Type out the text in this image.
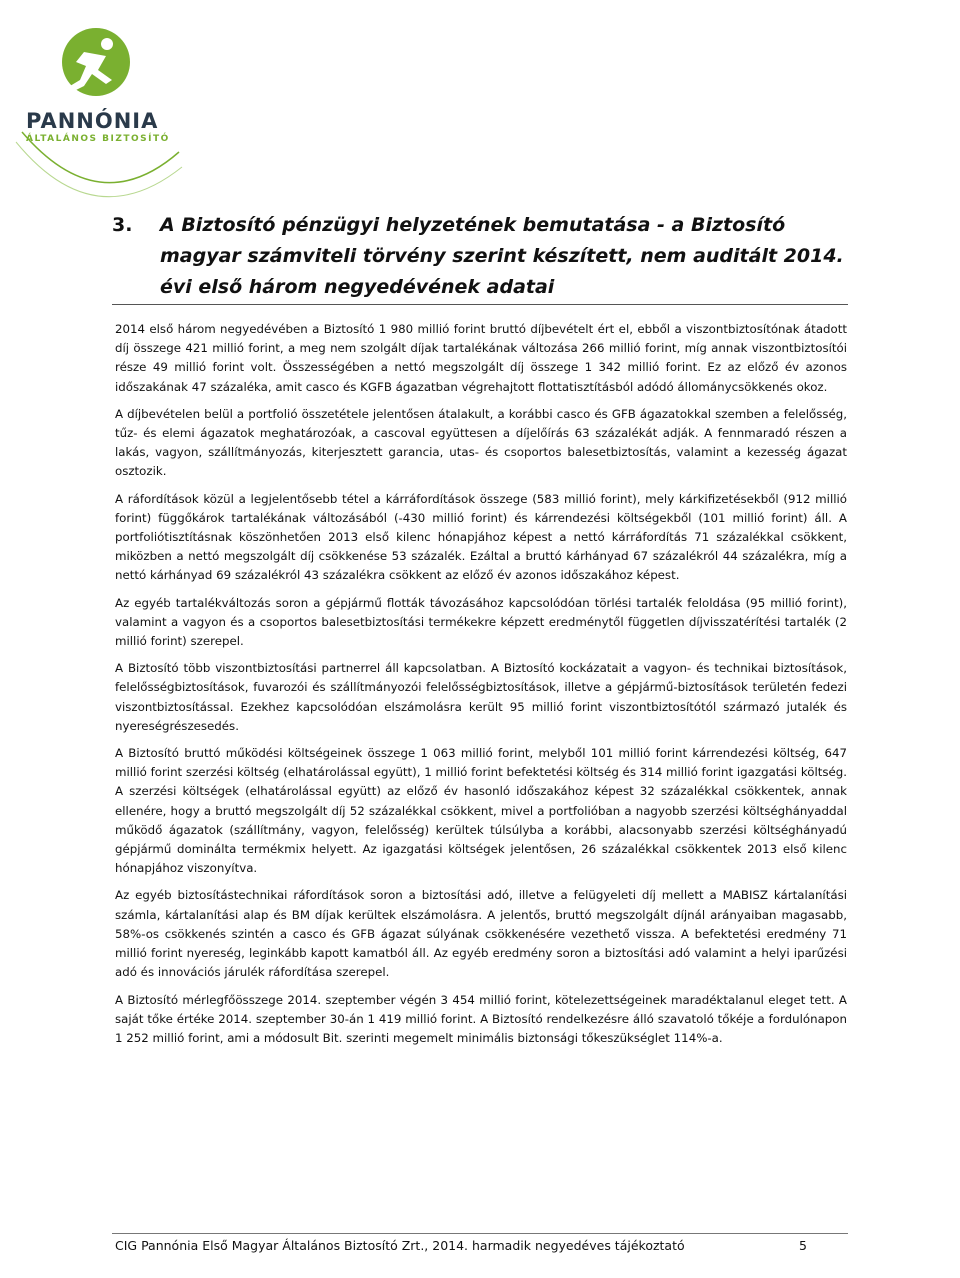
PANNÓNIA
ÁLTALÁNOS BIZTOSÍTÓ
3. A Biztosító pénzügyi helyzetének bemutatása - a Biztosító magyar számviteli törvény szerint készített, nem auditált 2014. évi első három negyedévének adatai

2014 első három negyedévében a Biztosító 1 980 millió forint bruttó díjbevételt ért el, ebből a viszontbiztosítónak átadott díj összege 421 millió forint, a meg nem szolgált díjak tartalékának változása 266 millió forint, míg annak viszontbiztosítói része 49 millió forint volt. Összességében a nettó megszolgált díj összege 1 342 millió forint. Ez az előző év azonos időszakának 47 százaléka, amit casco és KGFB ágazatban végrehajtott flottatisztításból adódó állománycsökkenés okoz.

A díjbevételen belül a portfolió összetétele jelentősen átalakult, a korábbi casco és GFB ágazatokkal szemben a felelősség, tűz- és elemi ágazatok meghatározóak, a cascoval együttesen a díjelőírás 63 százalékát adják. A fennmaradó részen a lakás, vagyon, szállítmányozás, kiterjesztett garancia, utas- és csoportos balesetbiztosítás, valamint a kezesség ágazat osztozik.

A ráfordítások közül a legjelentősebb tétel a kárráfordítások összege (583 millió forint), mely kárkifizetésekből (912 millió forint) függőkárok tartalékának változásából (-430 millió forint) és kárrendezési költségekből (101 millió forint) áll. A portfoliótisztításnak köszönhetően 2013 első kilenc hónapjához képest a nettó kárráfordítás 71 százalékkal csökkent, miközben a nettó megszolgált díj csökkenése 53 százalék. Ezáltal a bruttó kárhányad 67 százalékról 44 százalékra, míg a nettó kárhányad 69 százalékról 43 százalékra csökkent az előző év azonos időszakához képest.

Az egyéb tartalékváltozás soron a gépjármű flották távozásához kapcsolódóan törlési tartalék feloldása (95 millió forint), valamint a vagyon és a csoportos balesetbiztosítási termékekre képzett eredménytől független díjvisszatérítési tartalék (2 millió forint) szerepel.

A Biztosító több viszontbiztosítási partnerrel áll kapcsolatban. A Biztosító kockázatait a vagyon- és technikai biztosítások, felelősségbiztosítások, fuvarozói és szállítmányozói felelősségbiztosítások, illetve a gépjármű-biztosítások területén fedezi viszontbiztosítással. Ezekhez kapcsolódóan elszámolásra került 95 millió forint viszontbiztosítótól származó jutalék és nyereségrészesedés.

A Biztosító bruttó működési költségeinek összege 1 063 millió forint, melyből 101 millió forint kárrendezési költség, 647 millió forint szerzési költség (elhatárolással együtt), 1 millió forint befektetési költség és 314 millió forint igazgatási költség. A szerzési költségek (elhatárolással együtt) az előző év hasonló időszakához képest 32 százalékkal csökkentek, annak ellenére, hogy a bruttó megszolgált díj 52 százalékkal csökkent, mivel a portfolióban a nagyobb szerzési költséghányaddal működő ágazatok (szállítmány, vagyon, felelősség) kerültek túlsúlyba a korábbi, alacsonyabb szerzési költséghányadú gépjármű dominálta termékmix helyett. Az igazgatási költségek jelentősen, 26 százalékkal csökkentek 2013 első kilenc hónapjához viszonyítva.

Az egyéb biztosítástechnikai ráfordítások soron a biztosítási adó, illetve a felügyeleti díj mellett a MABISZ kártalanítási számla, kártalanítási alap és BM díjak kerültek elszámolásra. A jelentős, bruttó megszolgált díjnál arányaiban magasabb, 58%-os csökkenés szintén a casco és GFB ágazat súlyának csökkenésére vezethető vissza. A befektetési eredmény 71 millió forint nyereség, leginkább kapott kamatból áll. Az egyéb eredmény soron a biztosítási adó valamint a helyi iparűzési adó és innovációs járulék ráfordítása szerepel.

A Biztosító mérlegfőösszege 2014. szeptember végén 3 454 millió forint, kötelezettségeinek maradéktalanul eleget tett. A saját tőke értéke 2014. szeptember 30-án 1 419 millió forint. A Biztosító rendelkezésre álló szavatoló tőkéje a fordulónapon 1 252 millió forint, ami a módosult Bit. szerinti megemelt minimális biztonsági tőkeszükséglet 114%-a.

CIG Pannónia Első Magyar Általános Biztosító Zrt., 2014. harmadik negyedéves tájékoztató	5
